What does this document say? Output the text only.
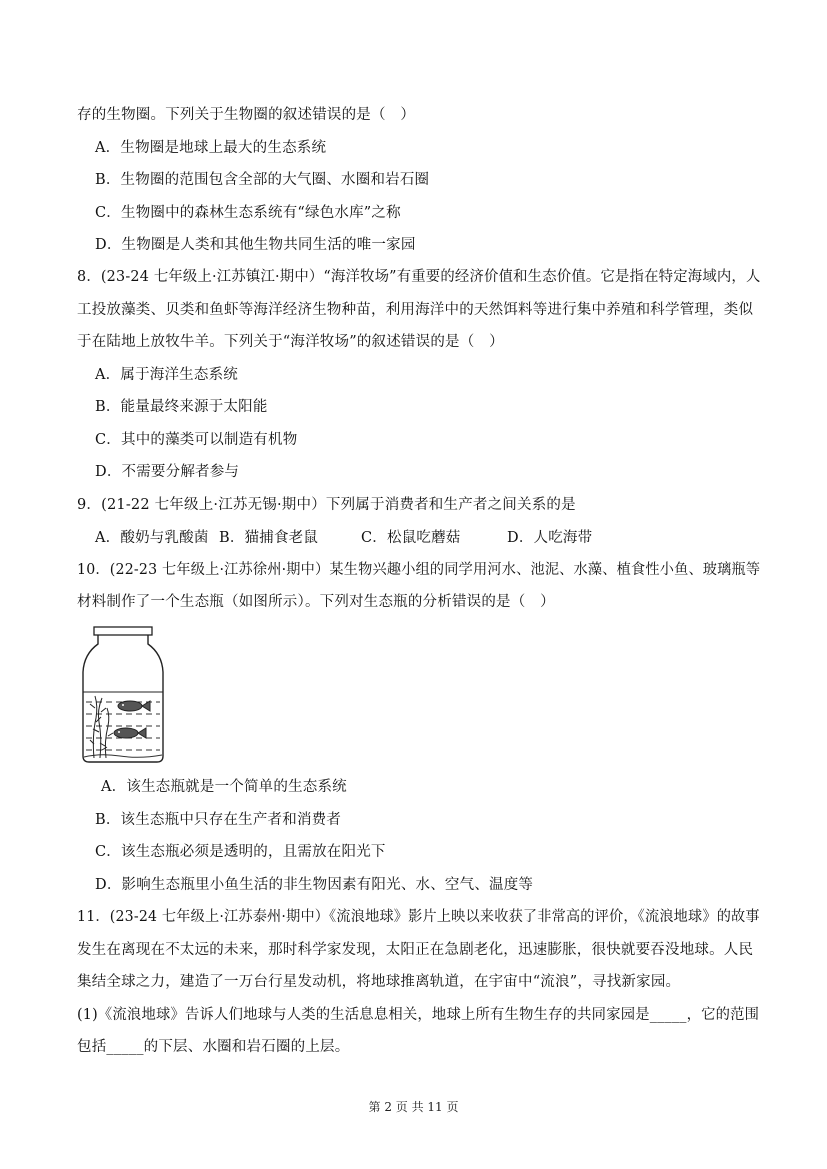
存的生物圈。下列关于生物圈的叙述错误的是（　）
A．生物圈是地球上最大的生态系统
B．生物圈的范围包含全部的大气圈、水圈和岩石圈
C．生物圈中的森林生态系统有“绿色水库”之称
D．生物圈是人类和其他生物共同生活的唯一家园
8．(23-24 七年级上·江苏镇江·期中）“海洋牧场”有重要的经济价值和生态价值。它是指在特定海域内，人
工投放藻类、贝类和鱼虾等海洋经济生物种苗，利用海洋中的天然饵料等进行集中养殖和科学管理，类似
于在陆地上放牧牛羊。下列关于“海洋牧场”的叙述错误的是（　）
A．属于海洋生态系统
B．能量最终来源于太阳能
C．其中的藻类可以制造有机物
D．不需要分解者参与
9．(21-22 七年级上·江苏无锡·期中）下列属于消费者和生产者之间关系的是
A．酸奶与乳酸菌 B．猫捕食老鼠	C．松鼠吃蘑菇	D．人吃海带
10．(22-23 七年级上·江苏徐州·期中）某生物兴趣小组的同学用河水、池泥、水藻、植食性小鱼、玻璃瓶等
材料制作了一个生态瓶（如图所示）。下列对生态瓶的分析错误的是（　）
A．该生态瓶就是一个简单的生态系统
B．该生态瓶中只存在生产者和消费者
C．该生态瓶必须是透明的，且需放在阳光下
D．影响生态瓶里小鱼生活的非生物因素有阳光、水、空气、温度等
11．(23-24 七年级上·江苏泰州·期中）《流浪地球》影片上映以来收获了非常高的评价，《流浪地球》的故事
发生在离现在不太远的未来，那时科学家发现，太阳正在急剧老化，迅速膨胀，很快就要吞没地球。人民
集结全球之力，建造了一万台行星发动机，将地球推离轨道，在宇宙中“流浪”，寻找新家园。
(1)《流浪地球》告诉人们地球与人类的生活息息相关，地球上所有生物生存的共同家园是_____，它的范围
包括_____的下层、水圈和岩石圈的上层。
第 2 页 共 11 页
